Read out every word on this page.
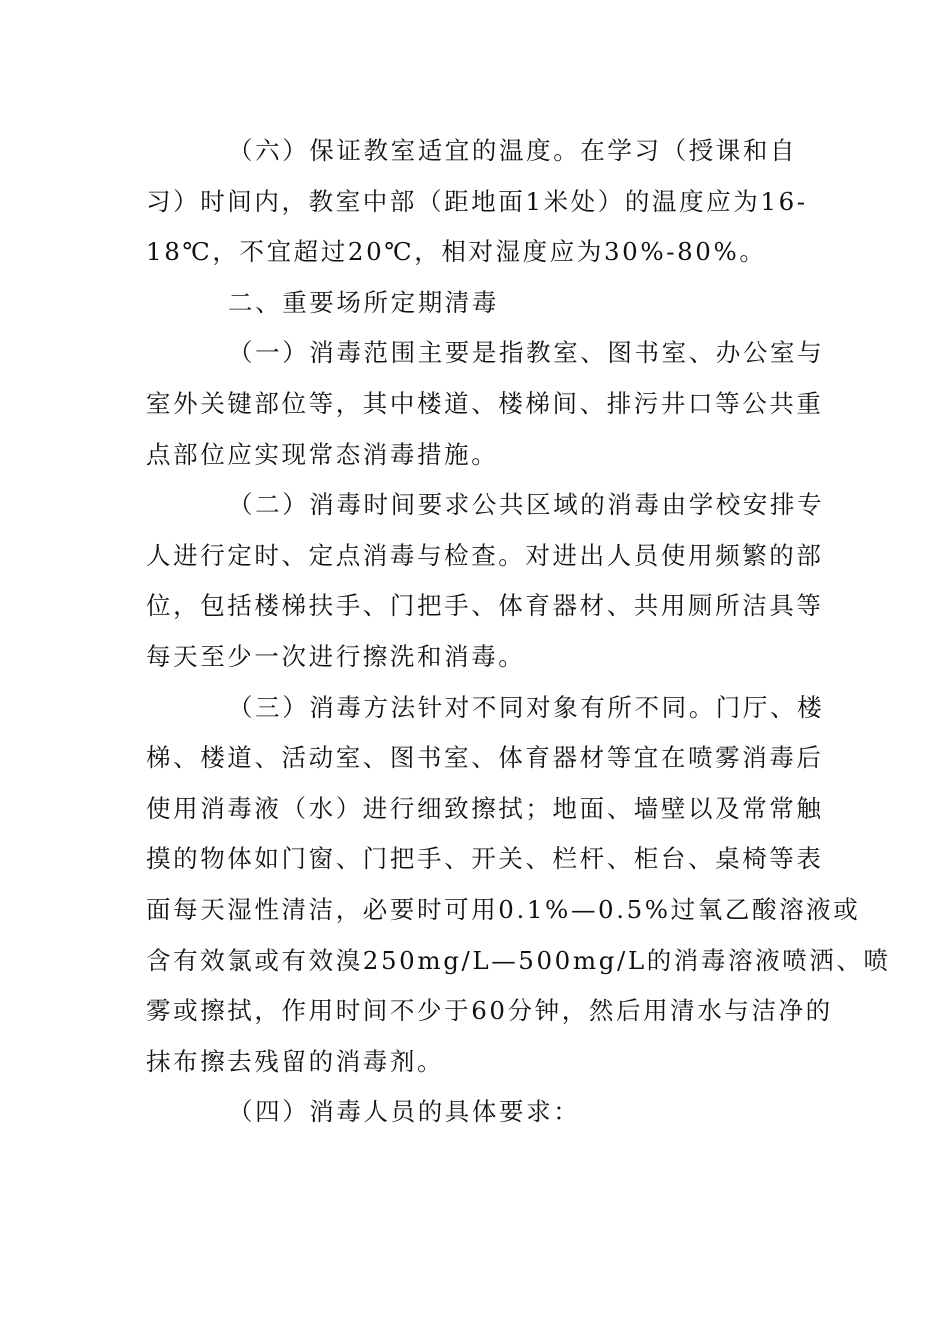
（六）保证教室适宜的温度。在学习（授课和自
习）时间内，教室中部（距地面1米处）的温度应为16-
18℃，不宜超过20℃，相对湿度应为30%-80%。
二、重要场所定期清毒
（一）消毒范围主要是指教室、图书室、办公室与
室外关键部位等，其中楼道、楼梯间、排污井口等公共重
点部位应实现常态消毒措施。
（二）消毒时间要求公共区域的消毒由学校安排专
人进行定时、定点消毒与检查。对进出人员使用频繁的部
位，包括楼梯扶手、门把手、体育器材、共用厕所洁具等
每天至少一次进行擦洗和消毒。
（三）消毒方法针对不同对象有所不同。门厅、楼
梯、楼道、活动室、图书室、体育器材等宜在喷雾消毒后
使用消毒液（水）进行细致擦拭；地面、墙壁以及常常触
摸的物体如门窗、门把手、开关、栏杆、柜台、桌椅等表
面每天湿性清洁，必要时可用0.1%—0.5%过氧乙酸溶液或
含有效氯或有效溴250mg/L—500mg/L的消毒溶液喷洒、喷
雾或擦拭，作用时间不少于60分钟，然后用清水与洁净的
抹布擦去残留的消毒剂。
（四）消毒人员的具体要求：
